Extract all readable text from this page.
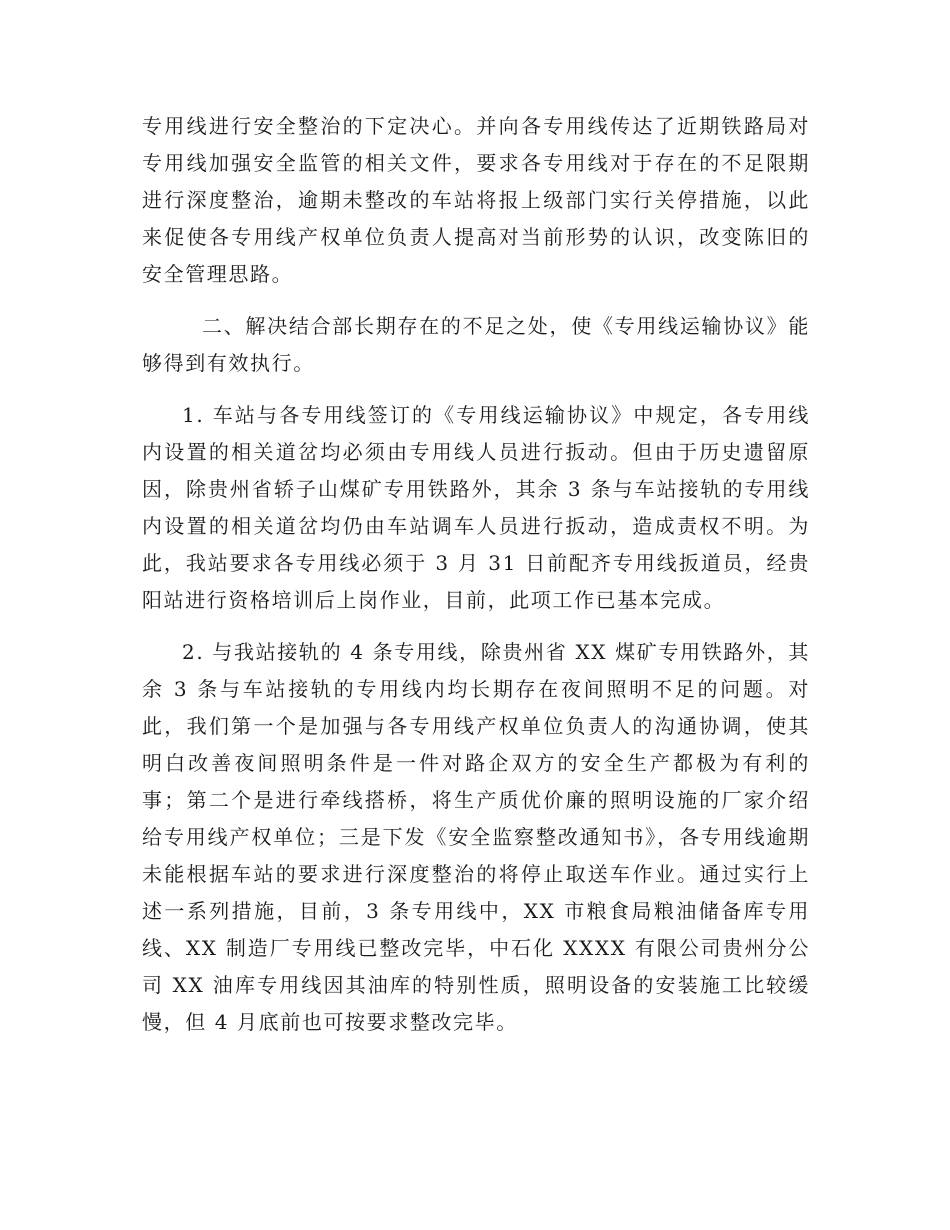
专用线进行安全整治的下定决心。并向各专用线传达了近期铁路局对专用线加强安全监管的相关文件，要求各专用线对于存在的不足限期进行深度整治，逾期未整改的车站将报上级部门实行关停措施，以此来促使各专用线产权单位负责人提高对当前形势的认识，改变陈旧的安全管理思路。

二、解决结合部长期存在的不足之处，使《专用线运输协议》能够得到有效执行。

1. 车站与各专用线签订的《专用线运输协议》中规定，各专用线内设置的相关道岔均必须由专用线人员进行扳动。但由于历史遗留原因，除贵州省轿子山煤矿专用铁路外，其余 3 条与车站接轨的专用线内设置的相关道岔均仍由车站调车人员进行扳动，造成责权不明。为此，我站要求各专用线必须于 3 月 31 日前配齐专用线扳道员，经贵阳站进行资格培训后上岗作业，目前，此项工作已基本完成。

2. 与我站接轨的 4 条专用线，除贵州省 XX 煤矿专用铁路外，其余 3 条与车站接轨的专用线内均长期存在夜间照明不足的问题。对此，我们第一个是加强与各专用线产权单位负责人的沟通协调，使其明白改善夜间照明条件是一件对路企双方的安全生产都极为有利的事；第二个是进行牵线搭桥，将生产质优价廉的照明设施的厂家介绍给专用线产权单位；三是下发《安全监察整改通知书》，各专用线逾期未能根据车站的要求进行深度整治的将停止取送车作业。通过实行上述一系列措施，目前，3 条专用线中，XX 市粮食局粮油储备库专用线、XX 制造厂专用线已整改完毕，中石化 XXXX 有限公司贵州分公司 XX 油库专用线因其油库的特别性质，照明设备的安装施工比较缓慢，但 4 月底前也可按要求整改完毕。
